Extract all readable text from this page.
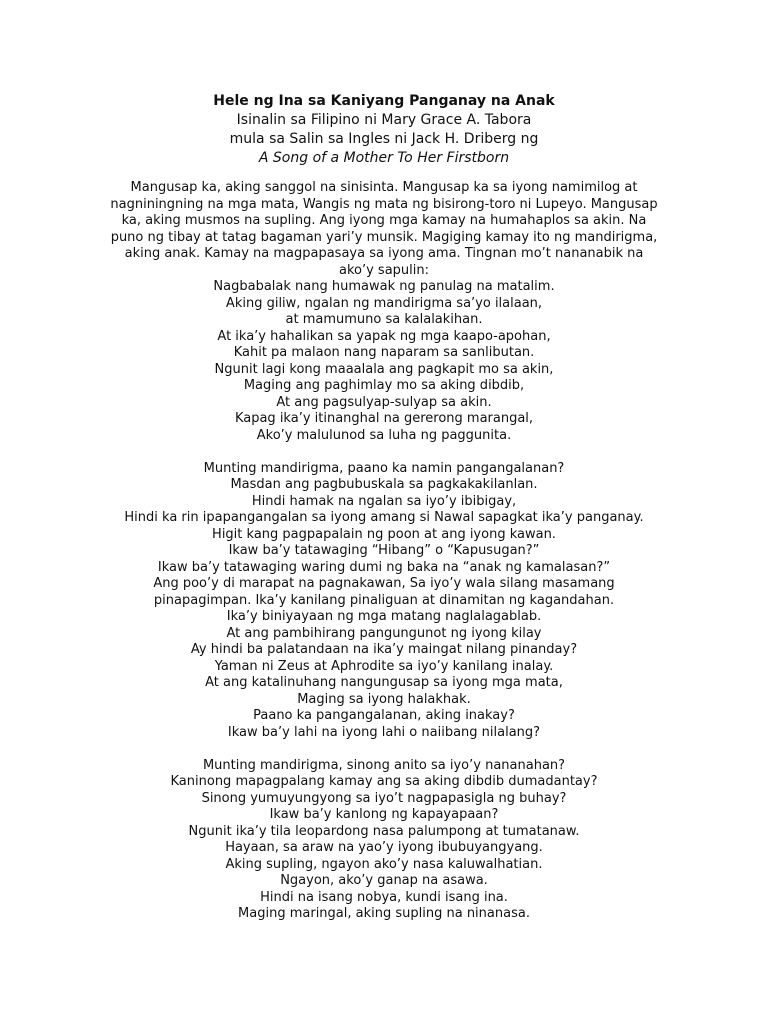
Hele ng Ina sa Kaniyang Panganay na Anak
Isinalin sa Filipino ni Mary Grace A. Tabora
mula sa Salin sa Ingles ni Jack H. Driberg ng
A Song of a Mother To Her Firstborn
Mangusap ka, aking sanggol na sinisinta. Mangusap ka sa iyong namimilog at
nagniningning na mga mata, Wangis ng mata ng bisirong-toro ni Lupeyo. Mangusap
ka, aking musmos na supling. Ang iyong mga kamay na humahaplos sa akin. Na
puno ng tibay at tatag bagaman yari’y munsik. Magiging kamay ito ng mandirigma,
aking anak. Kamay na magpapasaya sa iyong ama. Tingnan mo’t nananabik na
ako’y sapulin:
Nagbabalak nang humawak ng panulag na matalim.
Aking giliw, ngalan ng mandirigma sa’yo ilalaan,
at mamumuno sa kalalakihan.
At ika’y hahalikan sa yapak ng mga kaapo-apohan,
Kahit pa malaon nang naparam sa sanlibutan.
Ngunit lagi kong maaalala ang pagkapit mo sa akin,
Maging ang paghimlay mo sa aking dibdib,
At ang pagsulyap-sulyap sa akin.
Kapag ika’y itinanghal na gererong marangal,
Ako’y malulunod sa luha ng paggunita.
Munting mandirigma, paano ka namin pangangalanan?
Masdan ang pagbubuskala sa pagkakakilanlan.
Hindi hamak na ngalan sa iyo’y ibibigay,
Hindi ka rin ipapangangalan sa iyong amang si Nawal sapagkat ika’y panganay.
Higit kang pagpapalain ng poon at ang iyong kawan.
Ikaw ba’y tatawaging “Hibang” o “Kapusugan?”
Ikaw ba’y tatawaging waring dumi ng baka na “anak ng kamalasan?”
Ang poo’y di marapat na pagnakawan, Sa iyo’y wala silang masamang
pinapagimpan. Ika’y kanilang pinaliguan at dinamitan ng kagandahan.
Ika’y biniyayaan ng mga matang naglalagablab.
At ang pambihirang pangungunot ng iyong kilay
Ay hindi ba palatandaan na ika’y maingat nilang pinanday?
Yaman ni Zeus at Aphrodite sa iyo’y kanilang inalay.
At ang katalinuhang nangungusap sa iyong mga mata,
Maging sa iyong halakhak.
Paano ka pangangalanan, aking inakay?
Ikaw ba’y lahi na iyong lahi o naiibang nilalang?
Munting mandirigma, sinong anito sa iyo’y nananahan?
Kaninong mapagpalang kamay ang sa aking dibdib dumadantay?
Sinong yumuyungyong sa iyo’t nagpapasigla ng buhay?
Ikaw ba’y kanlong ng kapayapaan?
Ngunit ika’y tila leopardong nasa palumpong at tumatanaw.
Hayaan, sa araw na yao’y iyong ibubuyangyang.
Aking supling, ngayon ako’y nasa kaluwalhatian.
Ngayon, ako’y ganap na asawa.
Hindi na isang nobya, kundi isang ina.
Maging maringal, aking supling na ninanasa.
